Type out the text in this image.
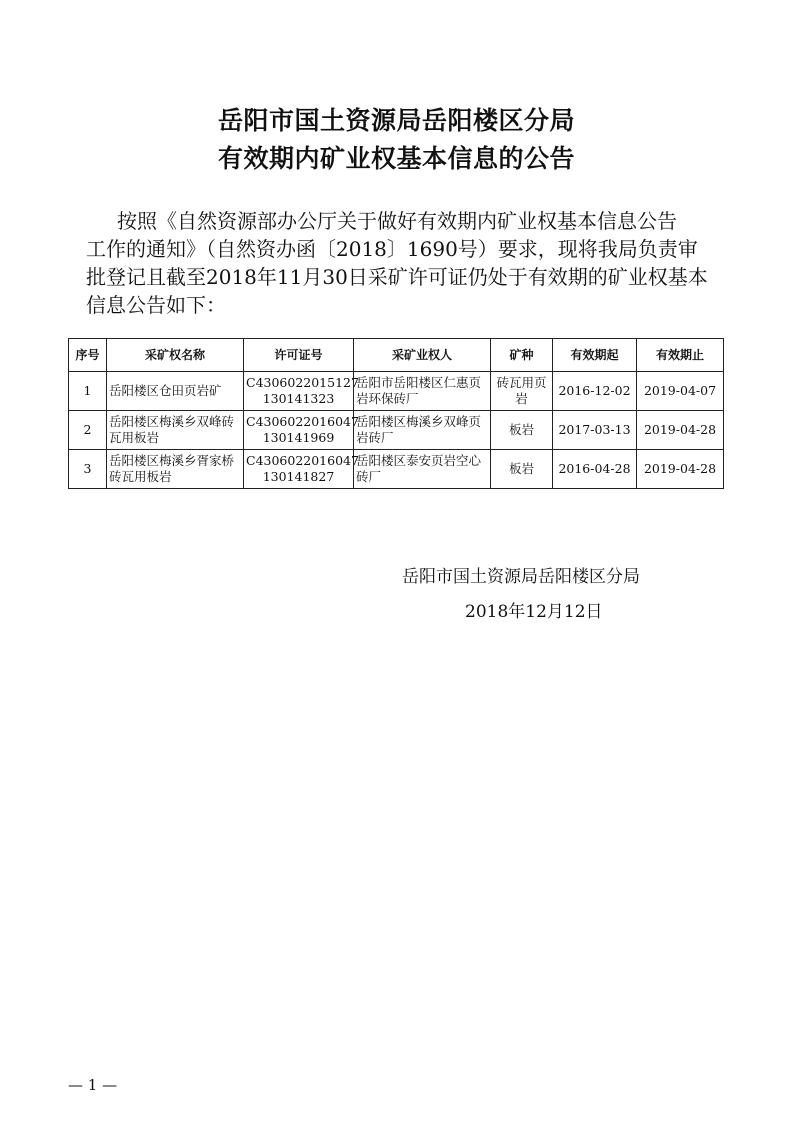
岳阳市国土资源局岳阳楼区分局
有效期内矿业权基本信息的公告
按照《自然资源部办公厅关于做好有效期内矿业权基本信息公告
工作的通知》（自然资办函〔2018〕1690号）要求，现将我局负责审
批登记且截至2018年11月30日采矿许可证仍处于有效期的矿业权基本
信息公告如下：
序号	采矿权名称	许可证号	采矿业权人	矿种	有效期起	有效期止
1	岳阳楼区仓田页岩矿	C4306022015127
130141323	岳阳市岳阳楼区仁惠页岩环保砖厂	砖瓦用页岩	2016-12-02	2019-04-07
2	岳阳楼区梅溪乡双峰砖瓦用板岩	C4306022016047
130141969	岳阳楼区梅溪乡双峰页岩砖厂	板岩	2017-03-13	2019-04-28
3	岳阳楼区梅溪乡胥家桥砖瓦用板岩	C4306022016047
130141827	岳阳楼区泰安页岩空心砖厂	板岩	2016-04-28	2019-04-28
岳阳市国土资源局岳阳楼区分局
2018年12月12日
— 1 —
